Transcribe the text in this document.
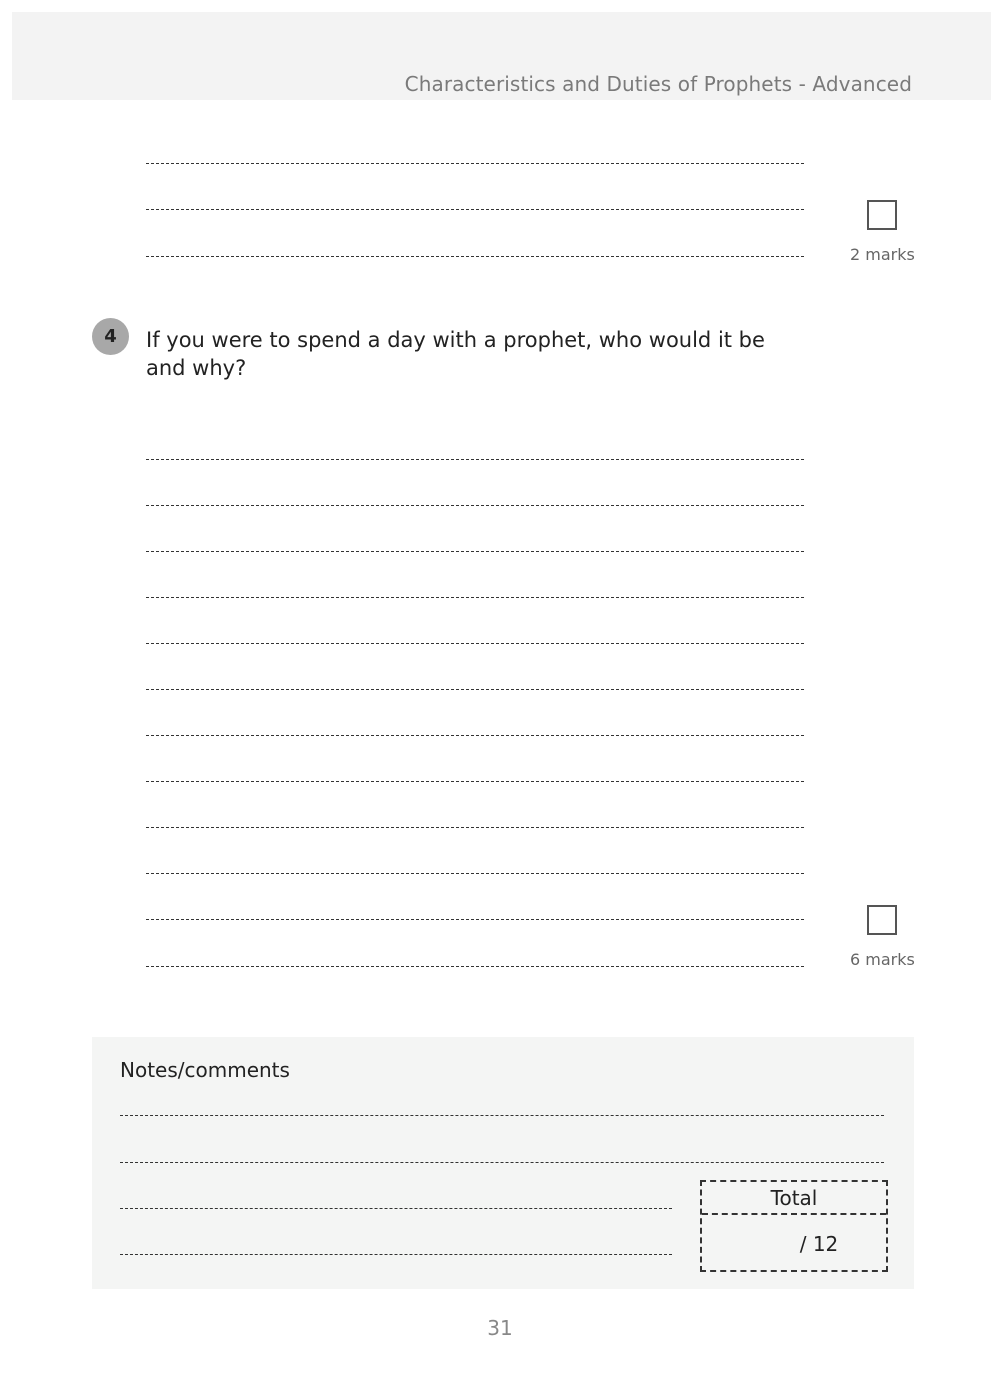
Characteristics and Duties of Prophets - Advanced
2 marks
4	If you were to spend a day with a prophet, who would it be and why?
6 marks
Notes/comments
Total
/ 12
31
